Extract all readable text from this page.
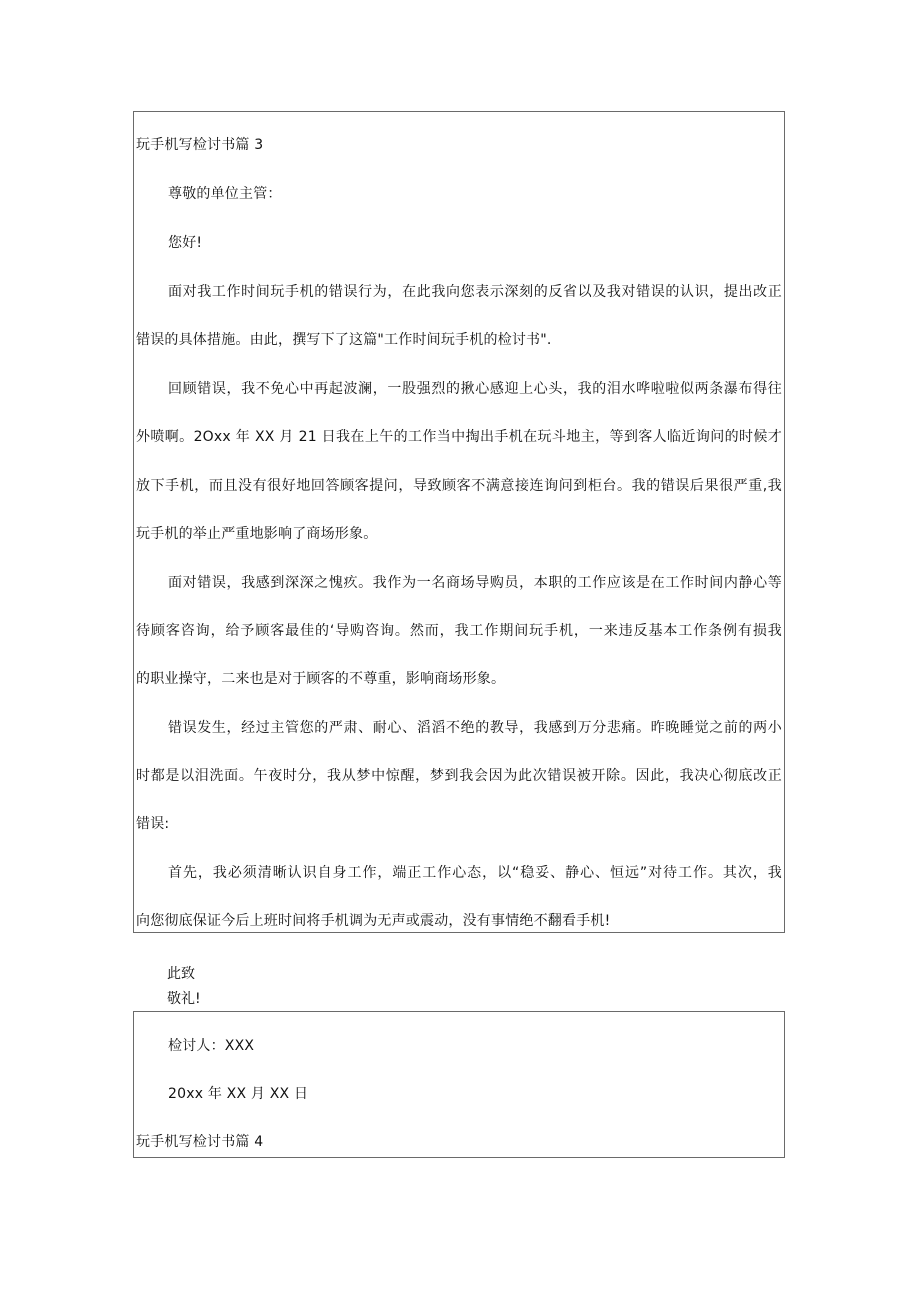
玩手机写检讨书篇 3
尊敬的单位主管：
您好!
面对我工作时间玩手机的错误行为，在此我向您表示深刻的反省以及我对错误的认识，提出改正
错误的具体措施。由此，撰写下了这篇"工作时间玩手机的检讨书".
回顾错误，我不免心中再起波澜，一股强烈的揪心感迎上心头，我的泪水哗啦啦似两条瀑布得往
外喷啊。2Oxx 年 XX 月 21 日我在上午的工作当中掏出手机在玩斗地主，等到客人临近询问的时候才
放下手机，而且没有很好地回答顾客提问，导致顾客不满意接连询问到柜台。我的错误后果很严重,我
玩手机的举止严重地影响了商场形象。
面对错误，我感到深深之愧疚。我作为一名商场导购员，本职的工作应该是在工作时间内静心等
待顾客咨询，给予顾客最佳的‘导购咨询。然而，我工作期间玩手机，一来违反基本工作条例有损我
的职业操守，二来也是对于顾客的不尊重，影响商场形象。
错误发生，经过主管您的严肃、耐心、滔滔不绝的教导，我感到万分悲痛。昨晚睡觉之前的两小
时都是以泪洗面。午夜时分，我从梦中惊醒，梦到我会因为此次错误被开除。因此，我决心彻底改正
错误:
首先，我必须清晰认识自身工作，端正工作心态，以“稳妥、静心、恒远”对待工作。其次，我
向您彻底保证今后上班时间将手机调为无声或震动，没有事情绝不翻看手机!
此致
敬礼!
检讨人：XXX
20xx 年 XX 月 XX 日
玩手机写检讨书篇 4
